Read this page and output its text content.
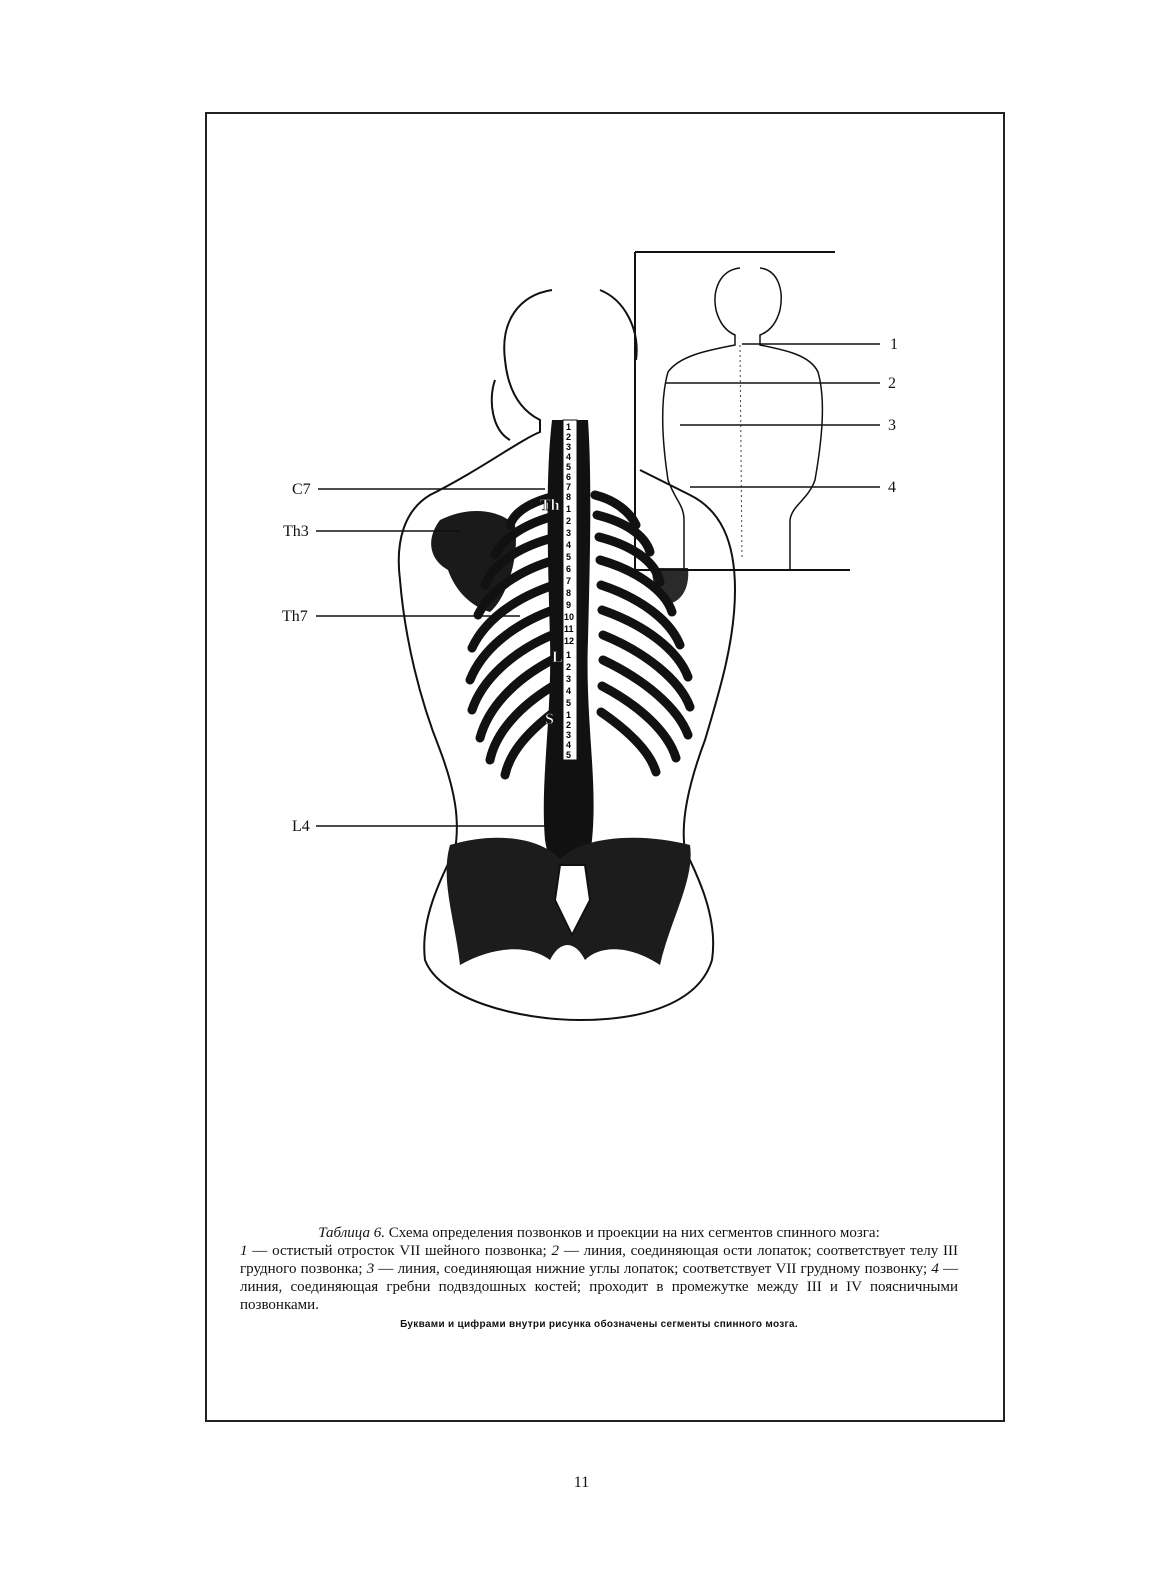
1
2
3
4
5
6
7
8
1
2
3
4
5
6
7
8
9
10
11
12
1
2
3
4
5
1
2
3
4
5
Th
L
S
C7
Th3
Th7
L4
1
2
3
4
Таблица 6. Схема определения позвонков и проекции на них сегментов спинного мозга:
1 — остистый отросток VII шейного позвонка; 2 — линия, соединяющая ости лопаток; соответствует телу III грудного позвонка; 3 — линия, соединяющая нижние углы лопаток; соответствует VII грудному позвонку; 4 — линия, соединяющая гребни подвздошных костей; проходит в промежутке между III и IV поясничными позвонками.
Буквами и цифрами внутри рисунка обозначены сегменты спинного мозга.
11
